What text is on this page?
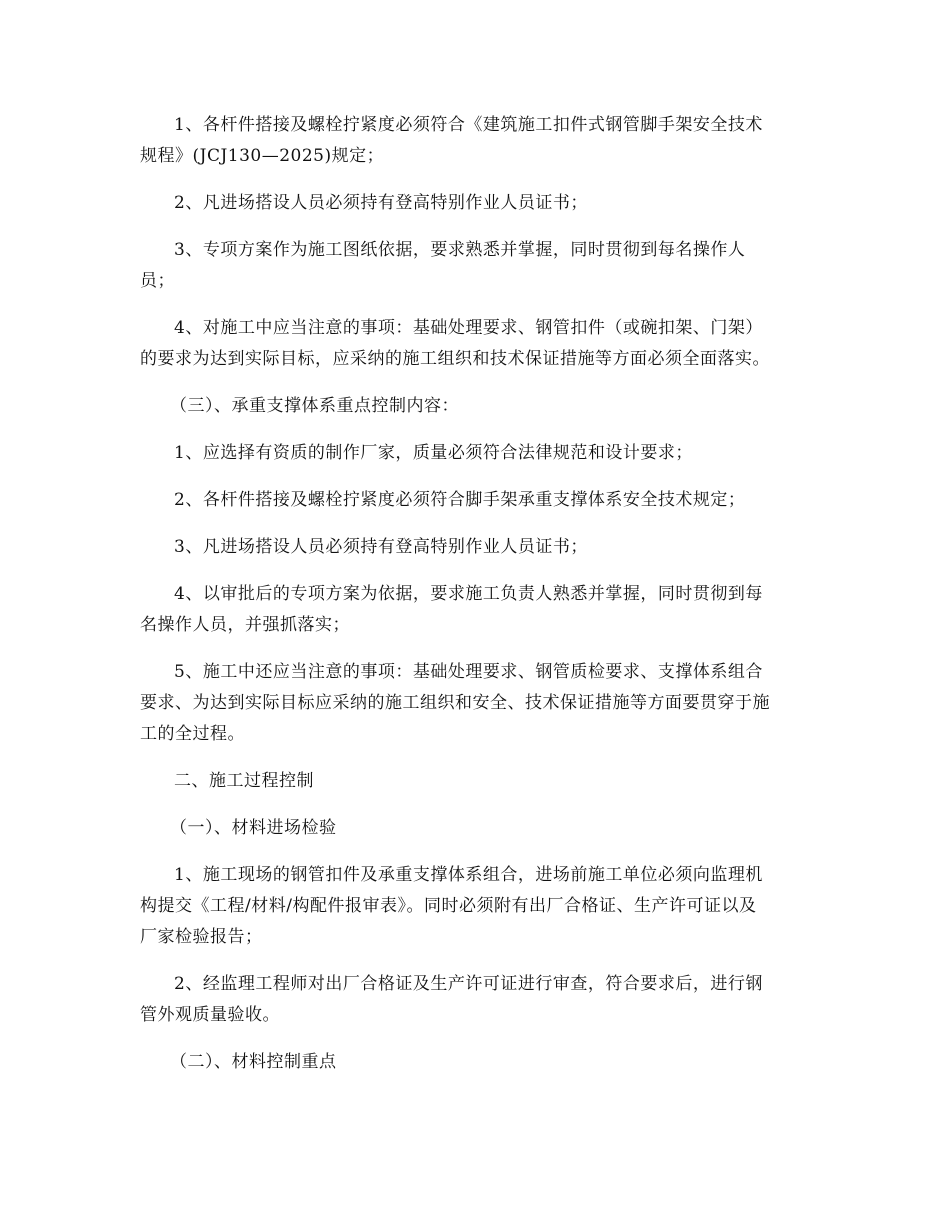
1、各杆件搭接及螺栓拧紧度必须符合《建筑施工扣件式钢管脚手架安全技术
规程》(JCJ130—2025)规定；

2、凡进场搭设人员必须持有登高特别作业人员证书；

3、专项方案作为施工图纸依据，要求熟悉并掌握，同时贯彻到每名操作人
员；

4、对施工中应当注意的事项：基础处理要求、钢管扣件（或碗扣架、门架）
的要求为达到实际目标，应采纳的施工组织和技术保证措施等方面必须全面落实。

（三）、承重支撑体系重点控制内容：

1、应选择有资质的制作厂家，质量必须符合法律规范和设计要求；

2、各杆件搭接及螺栓拧紧度必须符合脚手架承重支撑体系安全技术规定；

3、凡进场搭设人员必须持有登高特别作业人员证书；

4、以审批后的专项方案为依据，要求施工负责人熟悉并掌握，同时贯彻到每
名操作人员，并强抓落实；

5、施工中还应当注意的事项：基础处理要求、钢管质检要求、支撑体系组合
要求、为达到实际目标应采纳的施工组织和安全、技术保证措施等方面要贯穿于施
工的全过程。

二、施工过程控制

（一）、材料进场检验

1、施工现场的钢管扣件及承重支撑体系组合，进场前施工单位必须向监理机
构提交《工程/材料/构配件报审表》。同时必须附有出厂合格证、生产许可证以及
厂家检验报告；

2、经监理工程师对出厂合格证及生产许可证进行审查，符合要求后，进行钢
管外观质量验收。

（二）、材料控制重点
